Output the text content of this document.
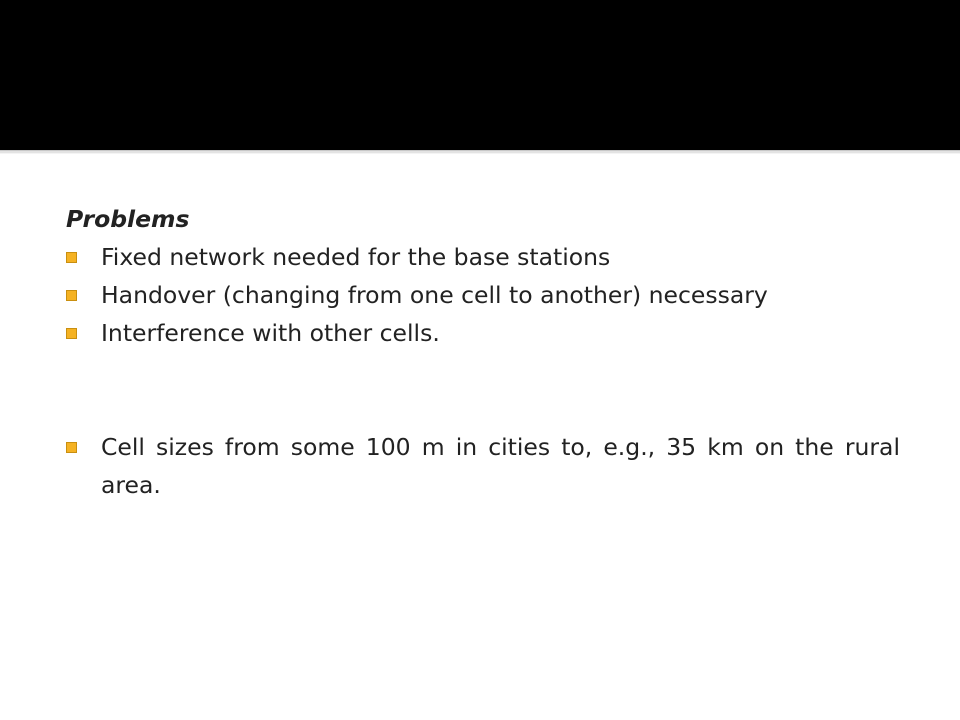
Problems

Fixed network needed for the base stations
Handover (changing from one cell to another) necessary
Interference with other cells.
Cell sizes from some 100 m in cities to, e.g., 35 km on the rural area.
